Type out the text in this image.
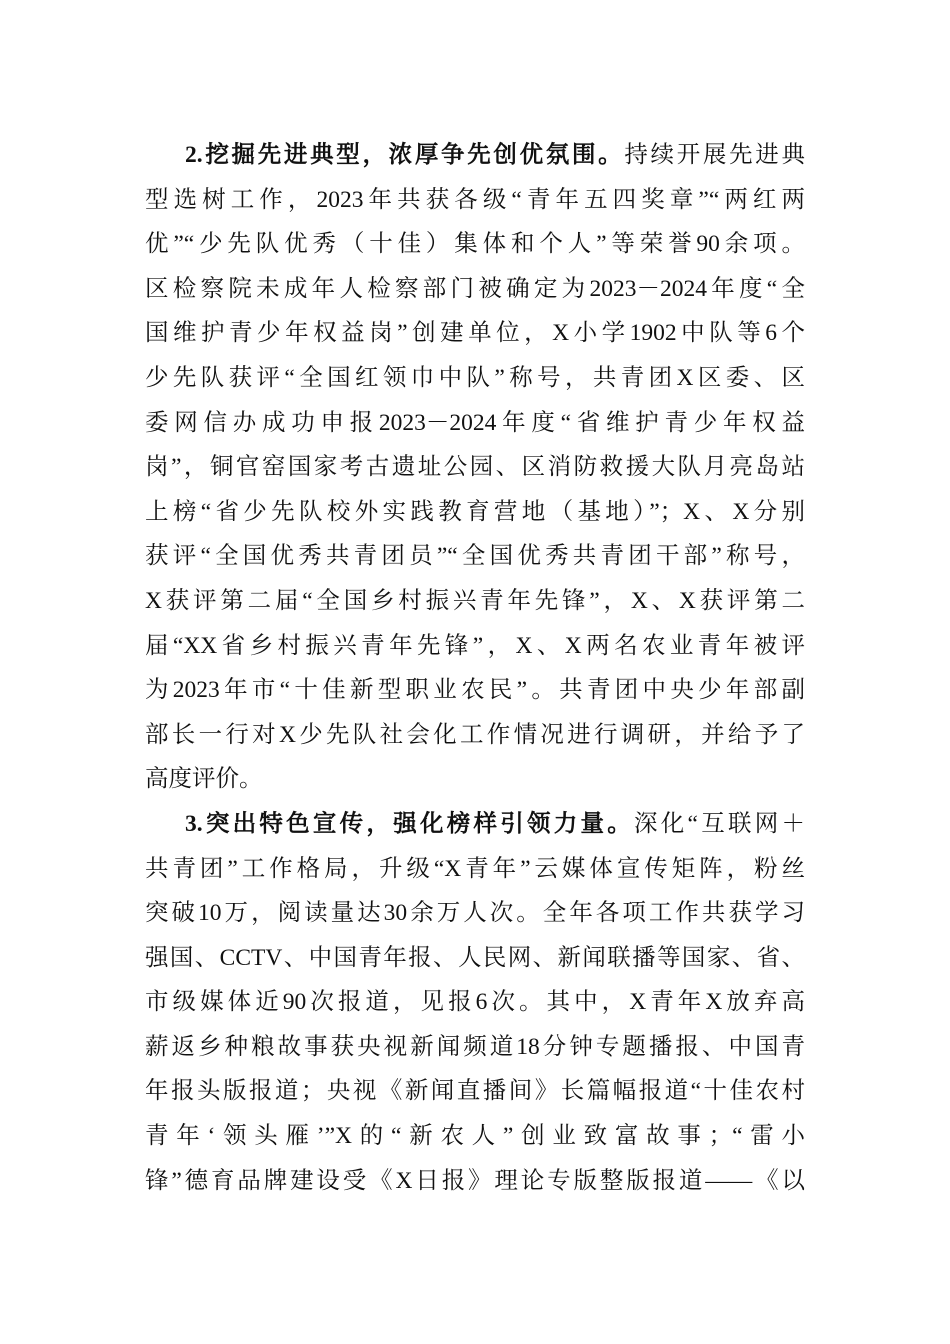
2.挖掘先进典型，浓厚争先创优氛围。持续开展先进典
型选树工作，2023年共获各级“青年五四奖章”“两红两
优”“少先队优秀（十佳）集体和个人”等荣誉90余项。
区检察院未成年人检察部门被确定为2023－2024年度“全
国维护青少年权益岗”创建单位，X小学1902中队等6个
少先队获评“全国红领巾中队”称号，共青团X区委、区
委网信办成功申报2023－2024年度“省维护青少年权益
岗”，铜官窑国家考古遗址公园、区消防救援大队月亮岛站
上榜“省少先队校外实践教育营地（基地）”；X、X分别
获评“全国优秀共青团员”“全国优秀共青团干部”称号，
X获评第二届“全国乡村振兴青年先锋”，X、X获评第二
届“XX省乡村振兴青年先锋”，X、X两名农业青年被评
为2023年市“十佳新型职业农民”。共青团中央少年部副
部长一行对X少先队社会化工作情况进行调研，并给予了
高度评价。
3.突出特色宣传，强化榜样引领力量。深化“互联网＋
共青团”工作格局，升级“X青年”云媒体宣传矩阵，粉丝
突破10万，阅读量达30余万人次。全年各项工作共获学习
强国、CCTV、中国青年报、人民网、新闻联播等国家、省、
市级媒体近90次报道，见报6次。其中，X青年X放弃高
薪返乡种粮故事获央视新闻频道18分钟专题播报、中国青
年报头版报道；央视《新闻直播间》长篇幅报道“十佳农村
青年‘领头雁’”X的“新农人”创业致富故事；“雷小
锋”德育品牌建设受《X日报》理论专版整版报道——《以
